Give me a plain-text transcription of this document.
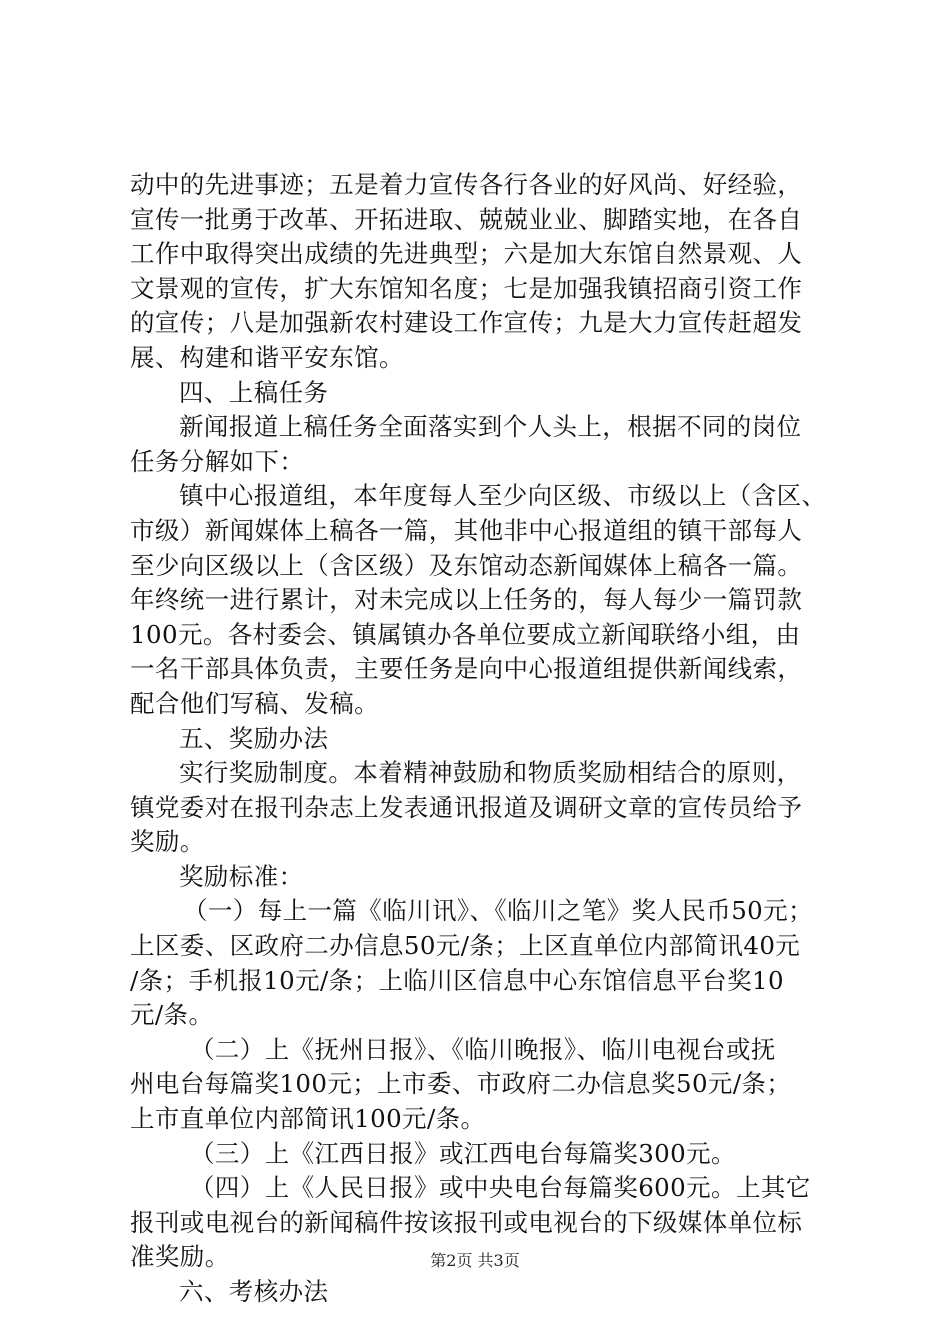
动中的先进事迹；五是着力宣传各行各业的好风尚、好经验，
宣传一批勇于改革、开拓进取、兢兢业业、脚踏实地，在各自
工作中取得突出成绩的先进典型；六是加大东馆自然景观、人
文景观的宣传，扩大东馆知名度；七是加强我镇招商引资工作
的宣传；八是加强新农村建设工作宣传；九是大力宣传赶超发
展、构建和谐平安东馆。
四、上稿任务
新闻报道上稿任务全面落实到个人头上，根据不同的岗位
任务分解如下：
镇中心报道组，本年度每人至少向区级、市级以上（含区、
市级）新闻媒体上稿各一篇，其他非中心报道组的镇干部每人
至少向区级以上（含区级）及东馆动态新闻媒体上稿各一篇。
年终统一进行累计，对未完成以上任务的，每人每少一篇罚款
100元。各村委会、镇属镇办各单位要成立新闻联络小组，由
一名干部具体负责，主要任务是向中心报道组提供新闻线索，
配合他们写稿、发稿。
五、奖励办法
实行奖励制度。本着精神鼓励和物质奖励相结合的原则，
镇党委对在报刊杂志上发表通讯报道及调研文章的宣传员给予
奖励。
奖励标准：
（一）每上一篇《临川讯》、《临川之笔》奖人民币50元；
上区委、区政府二办信息50元/条；上区直单位内部简讯40元
/条；手机报10元/条；上临川区信息中心东馆信息平台奖10
元/条。
（二）上《抚州日报》、《临川晚报》、临川电视台或抚
州电台每篇奖100元；上市委、市政府二办信息奖50元/条；
上市直单位内部简讯100元/条。
（三）上《江西日报》或江西电台每篇奖300元。
（四）上《人民日报》或中央电台每篇奖600元。上其它
报刊或电视台的新闻稿件按该报刊或电视台的下级媒体单位标
准奖励。
六、考核办法
第2页 共3页
